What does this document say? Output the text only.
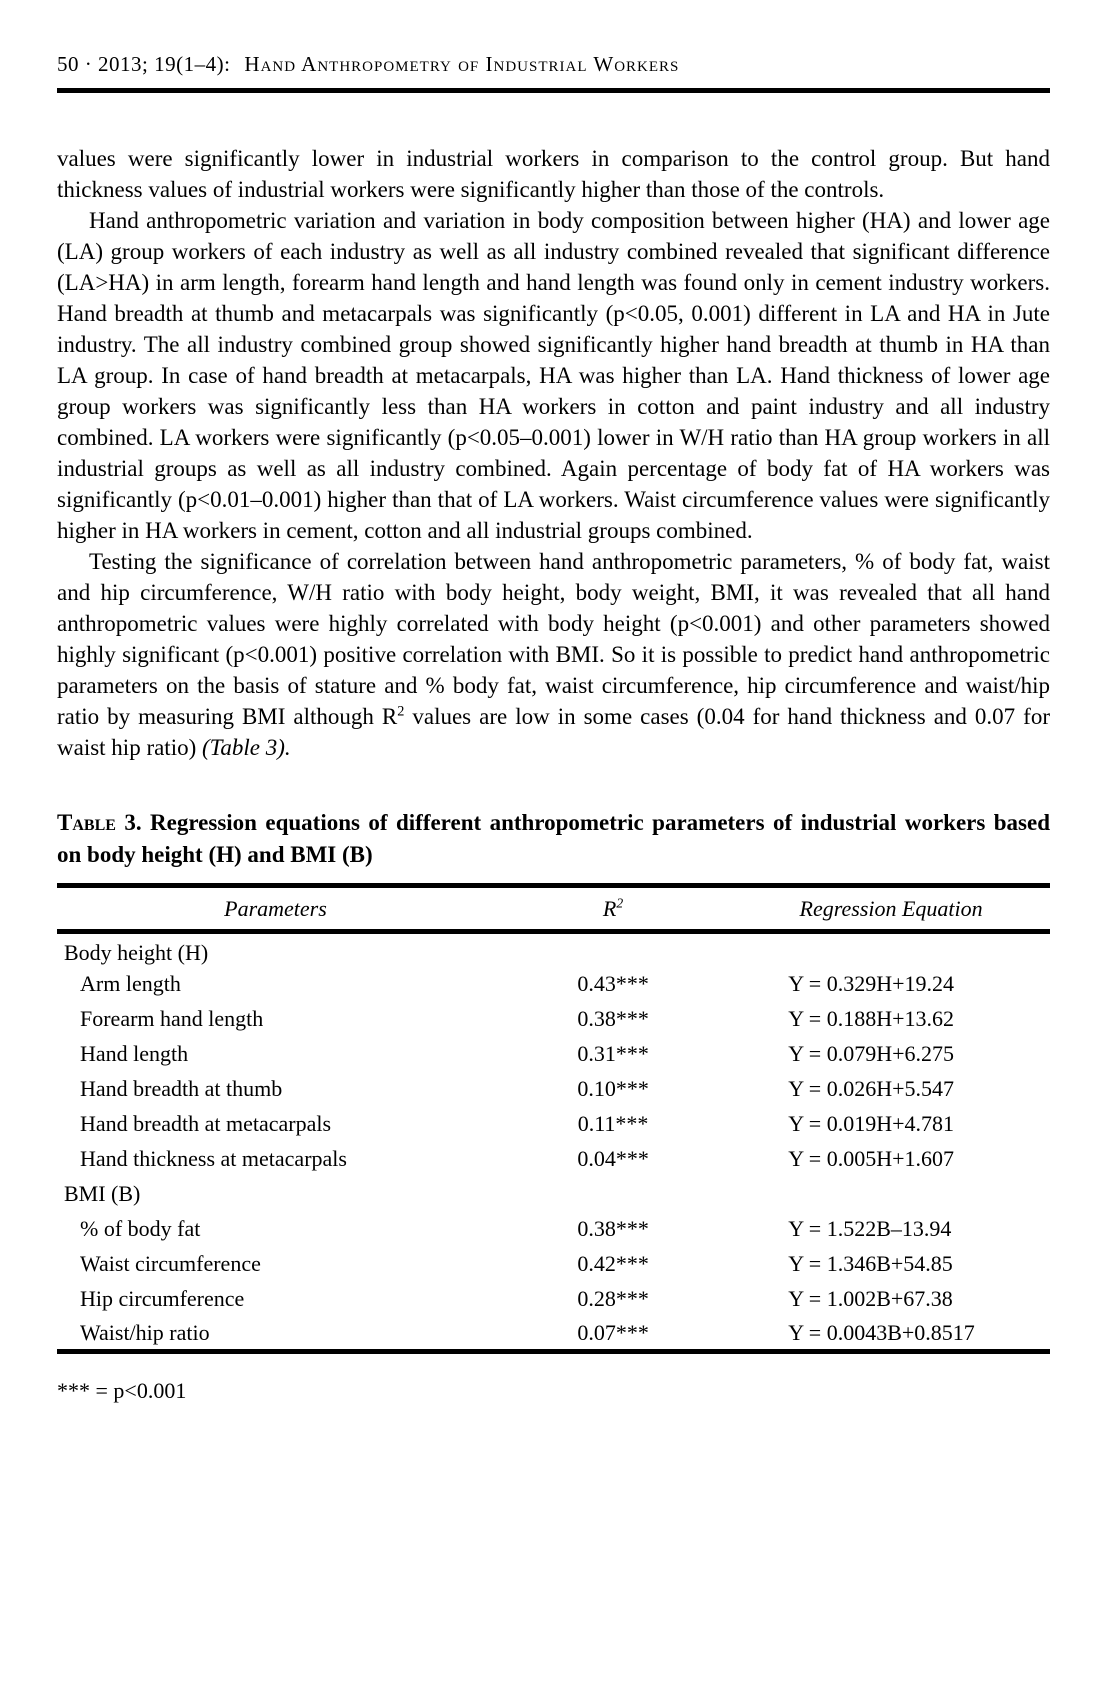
50 · 2013; 19(1–4): Hand Anthropometry of Industrial Workers

values were significantly lower in industrial workers in comparison to the control group. But hand thickness values of industrial workers were significantly higher than those of the controls.

Hand anthropometric variation and variation in body composition between higher (HA) and lower age (LA) group workers of each industry as well as all industry combined revealed that significant difference (LA>HA) in arm length, forearm hand length and hand length was found only in cement industry workers. Hand breadth at thumb and metacarpals was significantly (p<0.05, 0.001) different in LA and HA in Jute industry. The all industry combined group showed significantly higher hand breadth at thumb in HA than LA group. In case of hand breadth at metacarpals, HA was higher than LA. Hand thickness of lower age group workers was significantly less than HA workers in cotton and paint industry and all industry combined. LA workers were significantly (p<0.05–0.001) lower in W/H ratio than HA group workers in all industrial groups as well as all industry combined. Again percentage of body fat of HA workers was significantly (p<0.01–0.001) higher than that of LA workers. Waist circumference values were significantly higher in HA workers in cement, cotton and all industrial groups combined.

Testing the significance of correlation between hand anthropometric parameters, % of body fat, waist and hip circumference, W/H ratio with body height, body weight, BMI, it was revealed that all hand anthropometric values were highly correlated with body height (p<0.001) and other parameters showed highly significant (p<0.001) positive correlation with BMI. So it is possible to predict hand anthropometric parameters on the basis of stature and % body fat, waist circumference, hip circumference and waist/hip ratio by measuring BMI although $R^2$ values are low in some cases (0.04 for hand thickness and 0.07 for waist hip ratio) (Table 3).

Table 3. Regression equations of different anthropometric parameters of industrial workers based on body height (H) and BMI (B)
Parameters	$R^2$	Regression Equation
Body height (H)		
Arm length	0.43***	Y = 0.329H+19.24
Forearm hand length	0.38***	Y = 0.188H+13.62
Hand length	0.31***	Y = 0.079H+6.275
Hand breadth at thumb	0.10***	Y = 0.026H+5.547
Hand breadth at metacarpals	0.11***	Y = 0.019H+4.781
Hand thickness at metacarpals	0.04***	Y = 0.005H+1.607
BMI (B)		
% of body fat	0.38***	Y = 1.522B–13.94
Waist circumference	0.42***	Y = 1.346B+54.85
Hip circumference	0.28***	Y = 1.002B+67.38
Waist/hip ratio	0.07***	Y = 0.0043B+0.8517
*** = p<0.001
